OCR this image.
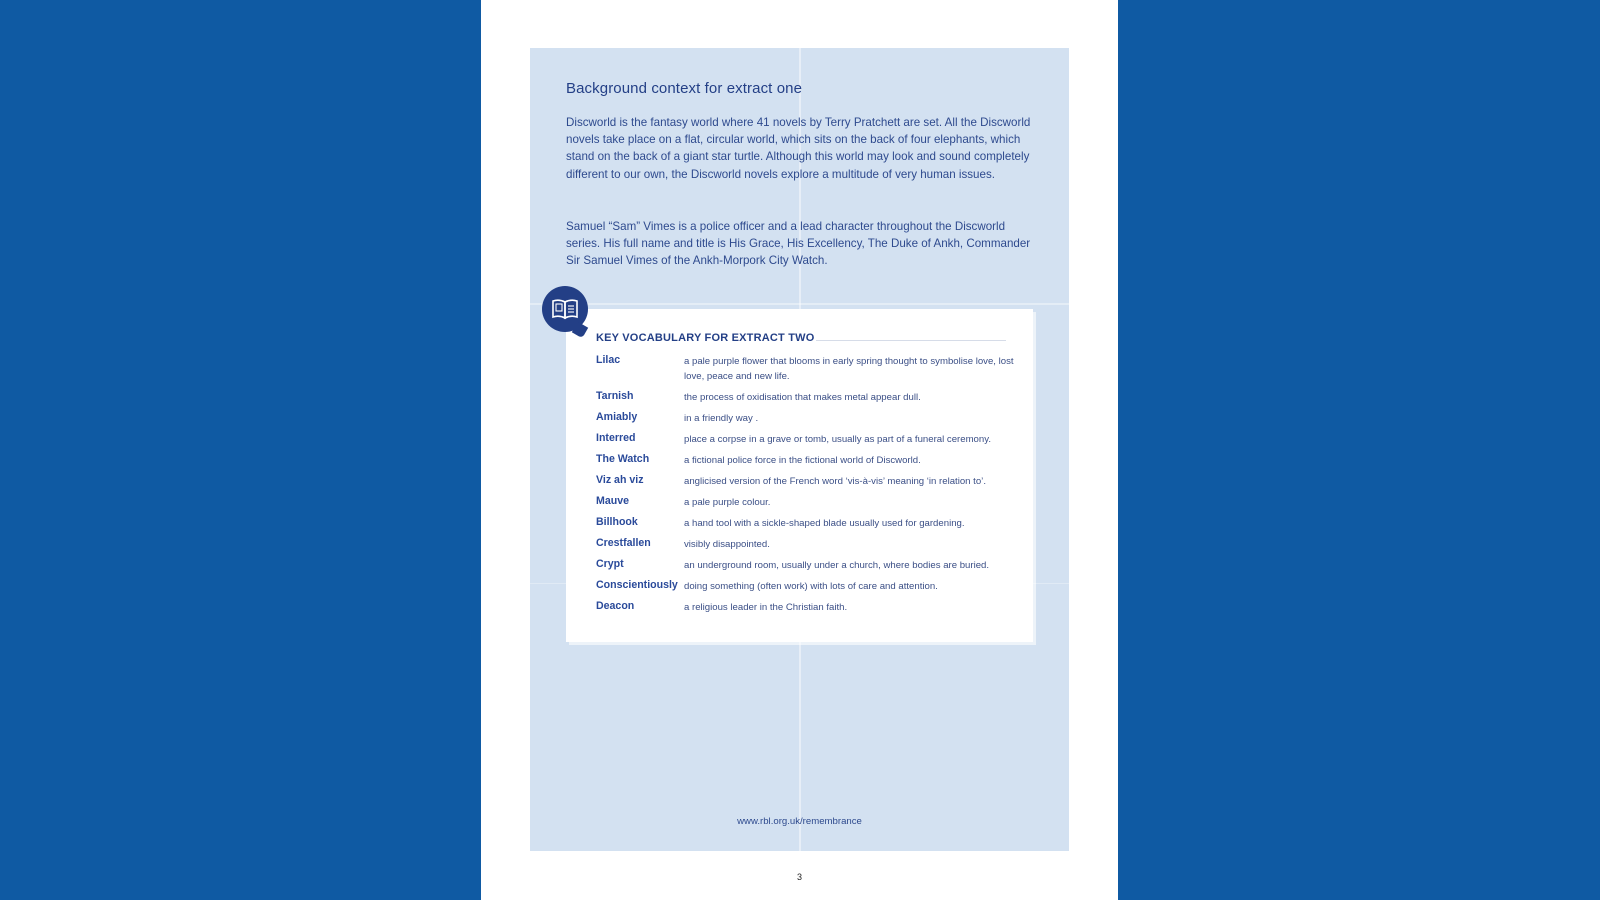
Background context for extract one

Discworld is the fantasy world where 41 novels by Terry Pratchett are set. All the Discworld novels take place on a flat, circular world, which sits on the back of four elephants, which stand on the back of a giant star turtle. Although this world may look and sound completely different to our own, the Discworld novels explore a multitude of very human issues.

Samuel “Sam” Vimes is a police officer and a lead character throughout the Discworld series. His full name and title is His Grace, His Excellency, The Duke of Ankh, Commander Sir Samuel Vimes of the Ankh-Morpork City Watch.

KEY VOCABULARY FOR EXTRACT TWO
Lilac	a pale purple flower that blooms in early spring thought to symbolise love, lost love, peace and new life.
Tarnish	the process of oxidisation that makes metal appear dull.
Amiably	in a friendly way .
Interred	place a corpse in a grave or tomb, usually as part of a funeral ceremony.
The Watch	a fictional police force in the fictional world of Discworld.
Viz ah viz	anglicised version of the French word ‘vis-à-vis’ meaning ‘in relation to’.
Mauve	a pale purple colour.
Billhook	a hand tool with a sickle-shaped blade usually used for gardening.
Crestfallen	visibly disappointed.
Crypt	an underground room, usually under a church, where bodies are buried.
Conscientiously doing something (often work) with lots of care and attention.
Deacon	a religious leader in the Christian faith.
www.rbl.org.uk/remembrance
3
